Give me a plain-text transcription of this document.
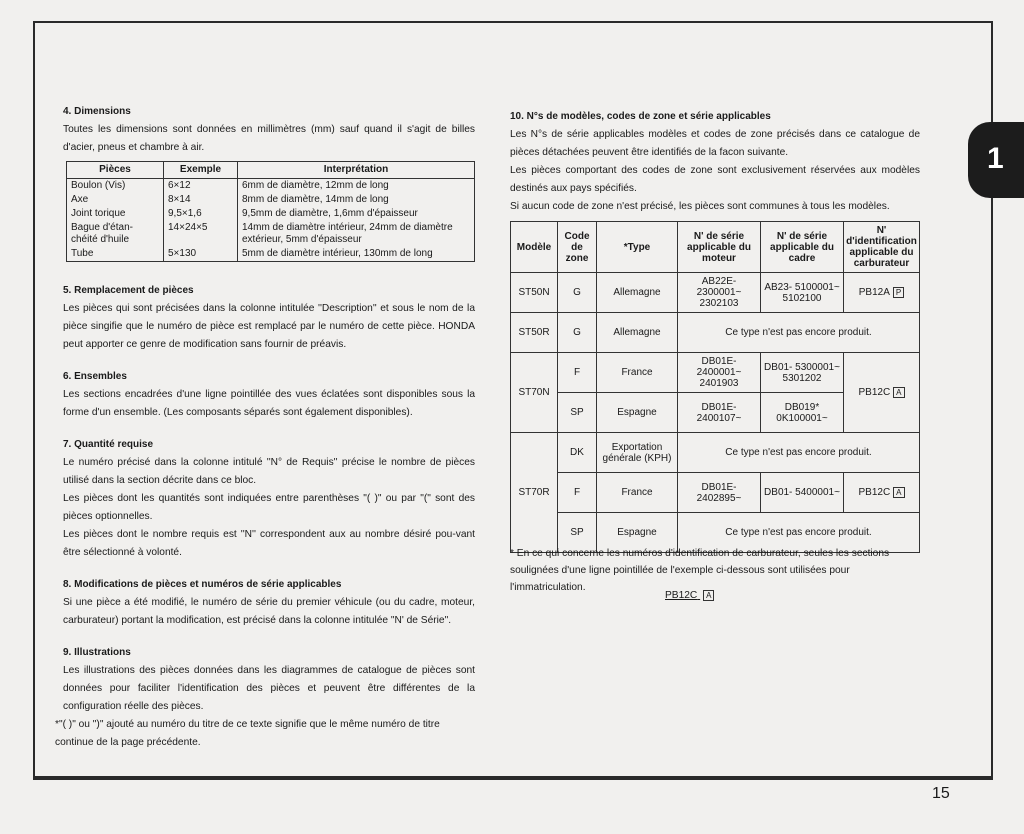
15
1

4. Dimensions

Toutes les dimensions sont données en millimètres (mm) sauf quand il s'agit de billes d'acier, pneus et chambre à air.

Pièces	Exemple	Interprétation
Boulon (Vis)	6×12	6mm de diamètre, 12mm de long
Axe	8×14	8mm de diamètre, 14mm de long
Joint torique	9,5×1,6	9,5mm de diamètre, 1,6mm d'épaisseur
Bague d'étan-chéité d'huile	14×24×5	14mm de diamètre intérieur, 24mm de diamètre extérieur, 5mm d'épaisseur
Tube	5×130	5mm de diamètre intérieur, 130mm de long

5. Remplacement de pièces

Les pièces qui sont précisées dans la colonne intitulée ''Description'' et sous le nom de la pièce singifie que le numéro de pièce est remplacé par le numéro de cette pièce. HONDA peut apporter ce genre de modification sans fournir de préavis.

6. Ensembles

Les sections encadrées d'une ligne pointillée des vues éclatées sont disponibles sous la forme d'un ensemble. (Les composants séparés sont également disponibles).

7. Quantité requise

Le numéro précisé dans la colonne intitulé ''N° de Requis'' précise le nombre de pièces utilisé dans la section décrite dans ce bloc.

Les pièces dont les quantités sont indiquées entre parenthèses "( )" ou par "(" sont des pièces optionnelles.

Les pièces dont le nombre requis est ''N'' correspondent aux au nombre désiré pou-vant être sélectionné à volonté.

8. Modifications de pièces et numéros de série applicables

Si une pièce a été modifié, le numéro de série du premier véhicule (ou du cadre, moteur, carburateur) portant la modification, est précisé dans la colonne intitulée "N' de Série".

9. Illustrations

Les illustrations des pièces données dans les diagrammes de catalogue de pièces sont données pour faciliter l'identification des pièces et peuvent être différentes de la configuration réelle des pièces.

*"( )" ou ")" ajouté au numéro du titre de ce texte signifie que le même numéro de titre continue de la page précédente.

10. N°s de modèles, codes de zone et série applicables

Les N°s de série applicables modèles et codes de zone précisés dans ce catalogue de pièces détachées peuvent être identifiés de la facon suivante.

Les pièces comportant des codes de zone sont exclusivement réservées aux modèles destinés aux pays spécifiés.

Si aucun code de zone n'est précisé, les pièces sont communes à tous les modèles.

Modèle	Code de zone	*Type	N' de série applicable du moteur	N' de série applicable du cadre	N' d'identification applicable du carburateur
ST50N	G	Allemagne	AB22E- 2300001~ 2302103	AB23- 5100001~ 5102100	PB12A P
ST50R	G	Allemagne	Ce type n'est pas encore produit.		
ST70N	F	France	DB01E- 2400001~ 2401903	DB01- 5300001~ 5301202	PB12C A
	SP	Espagne	DB01E- 2400107~	DB019* 0K100001~	
	DK	Exportation générale (KPH)	Ce type n'est pas encore produit.		
ST70R	F	France	DB01E- 2402895~	DB01- 5400001~	PB12C A
	SP	Espagne	Ce type n'est pas encore produit.		

* En ce qui concerne les numéros d'identification de carburateur, seules les sections soulignées d'une ligne pointillée de l'exemple ci-dessous sont utilisées pour l'immatriculation.

PB12C A
